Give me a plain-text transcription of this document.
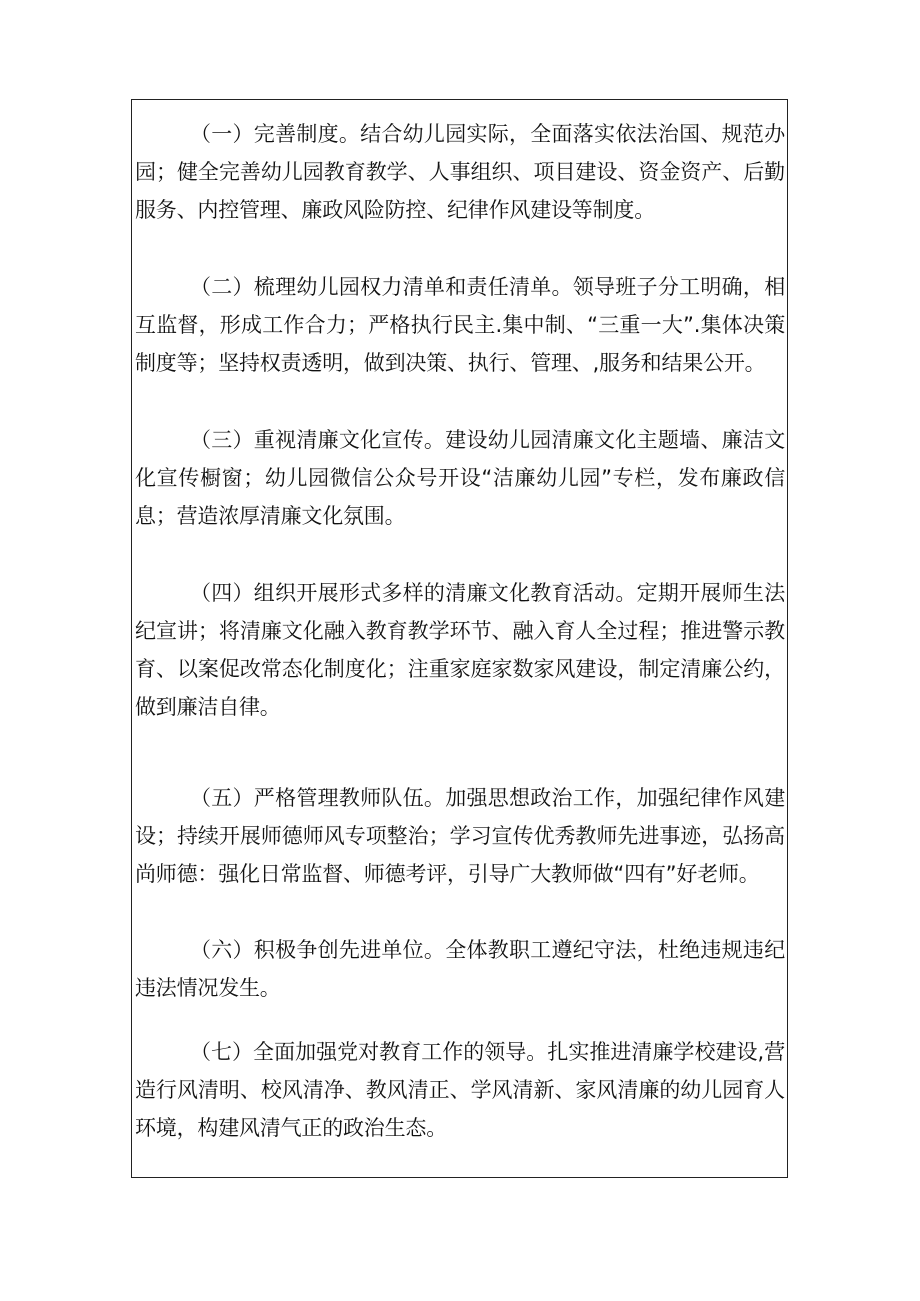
（一）完善制度。结合幼儿园实际，全面落实依法治国、规范办园；健全完善幼儿园教育教学、人事组织、项目建设、资金资产、后勤服务、内控管理、廉政风险防控、纪律作风建设等制度。

（二）梳理幼儿园权力清单和责任清单。领导班子分工明确，相互监督，形成工作合力；严格执行民主.集中制、“三重一大”.集体决策制度等；坚持权责透明，做到决策、执行、管理、,服务和结果公开。

（三）重视清廉文化宣传。建设幼儿园清廉文化主题墙、廉洁文化宣传橱窗；幼儿园微信公众号开设“洁廉幼儿园”专栏，发布廉政信息；营造浓厚清廉文化氛围。

（四）组织开展形式多样的清廉文化教育活动。定期开展师生法纪宣讲；将清廉文化融入教育教学环节、融入育人全过程；推进警示教育、以案促改常态化制度化；注重家庭家数家风建设，制定清廉公约，做到廉洁自律。

（五）严格管理教师队伍。加强思想政治工作，加强纪律作风建设；持续开展师德师风专项整治；学习宣传优秀教师先进事迹，弘扬高尚师德：强化日常监督、师德考评，引导广大教师做“四有”好老师。

（六）积极争创先进单位。全体教职工遵纪守法，杜绝违规违纪违法情况发生。

（七）全面加强党对教育工作的领导。扎实推进清廉学校建设,营造行风清明、校风清净、教风清正、学风清新、家风清廉的幼儿园育人环境，构建风清气正的政治生态。
